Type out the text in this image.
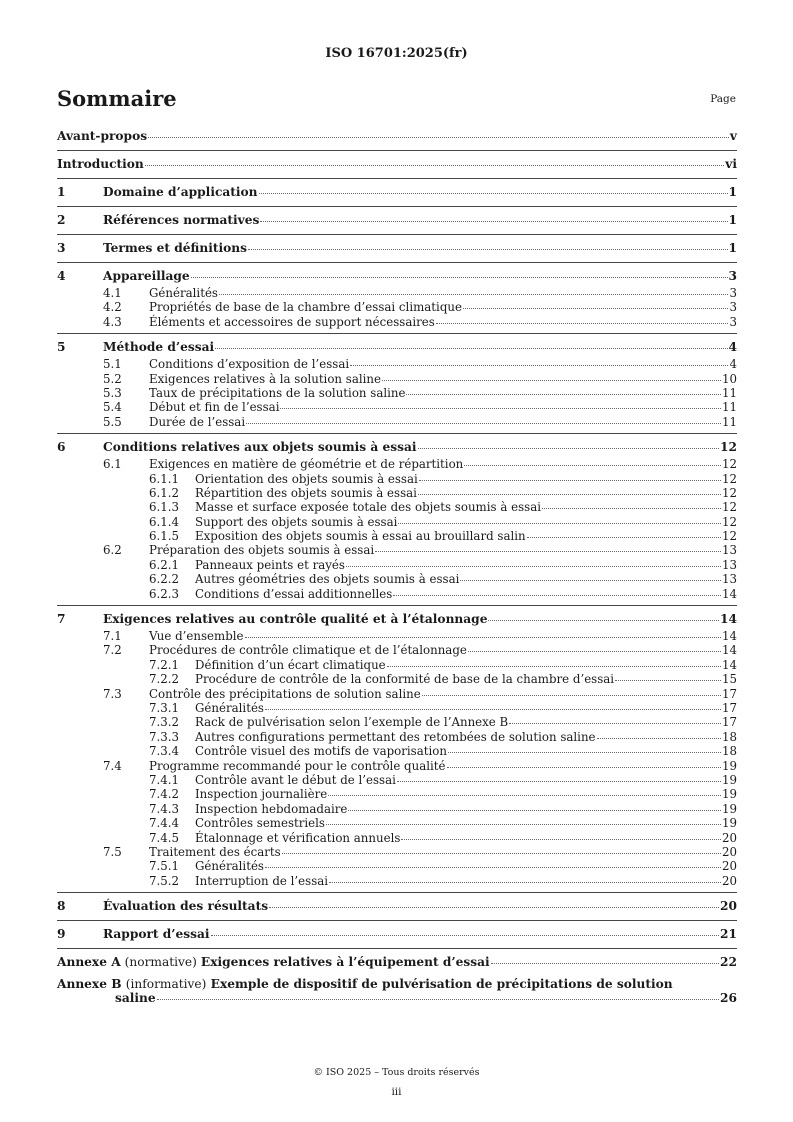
ISO 16701:2025(fr)
Sommaire	Page
Avant-propos	v
Introduction	vi
1	Domaine d’application	1
2	Références normatives	1
3	Termes et définitions	1
4	Appareillage	3
4.1	Généralités	3
4.2	Propriétés de base de la chambre d’essai climatique	3
4.3	Éléments et accessoires de support nécessaires	3
5	Méthode d’essai	4
5.1	Conditions d’exposition de l’essai	4
5.2	Exigences relatives à la solution saline	10
5.3	Taux de précipitations de la solution saline	11
5.4	Début et fin de l’essai	11
5.5	Durée de l’essai	11
6	Conditions relatives aux objets soumis à essai	12
6.1	Exigences en matière de géométrie et de répartition	12
6.1.1	Orientation des objets soumis à essai	12
6.1.2	Répartition des objets soumis à essai	12
6.1.3	Masse et surface exposée totale des objets soumis à essai	12
6.1.4	Support des objets soumis à essai	12
6.1.5	Exposition des objets soumis à essai au brouillard salin	12
6.2	Préparation des objets soumis à essai	13
6.2.1	Panneaux peints et rayés	13
6.2.2	Autres géométries des objets soumis à essai	13
6.2.3	Conditions d’essai additionnelles	14
7	Exigences relatives au contrôle qualité et à l’étalonnage	14
7.1	Vue d’ensemble	14
7.2	Procédures de contrôle climatique et de l’étalonnage	14
7.2.1	Définition d’un écart climatique	14
7.2.2	Procédure de contrôle de la conformité de base de la chambre d’essai	15
7.3	Contrôle des précipitations de solution saline	17
7.3.1	Généralités	17
7.3.2	Rack de pulvérisation selon l’exemple de l’Annexe B	17
7.3.3	Autres configurations permettant des retombées de solution saline	18
7.3.4	Contrôle visuel des motifs de vaporisation	18
7.4	Programme recommandé pour le contrôle qualité	19
7.4.1	Contrôle avant le début de l’essai	19
7.4.2	Inspection journalière	19
7.4.3	Inspection hebdomadaire	19
7.4.4	Contrôles semestriels	19
7.4.5	Étalonnage et vérification annuels	20
7.5	Traitement des écarts	20
7.5.1	Généralités	20
7.5.2	Interruption de l’essai	20
8	Évaluation des résultats	20
9	Rapport d’essai	21
Annexe A (normative) Exigences relatives à l’équipement d’essai	22
Annexe B (informative) Exemple de dispositif de pulvérisation de précipitations de solution
saline	26
© ISO 2025 – Tous droits réservés
iii
